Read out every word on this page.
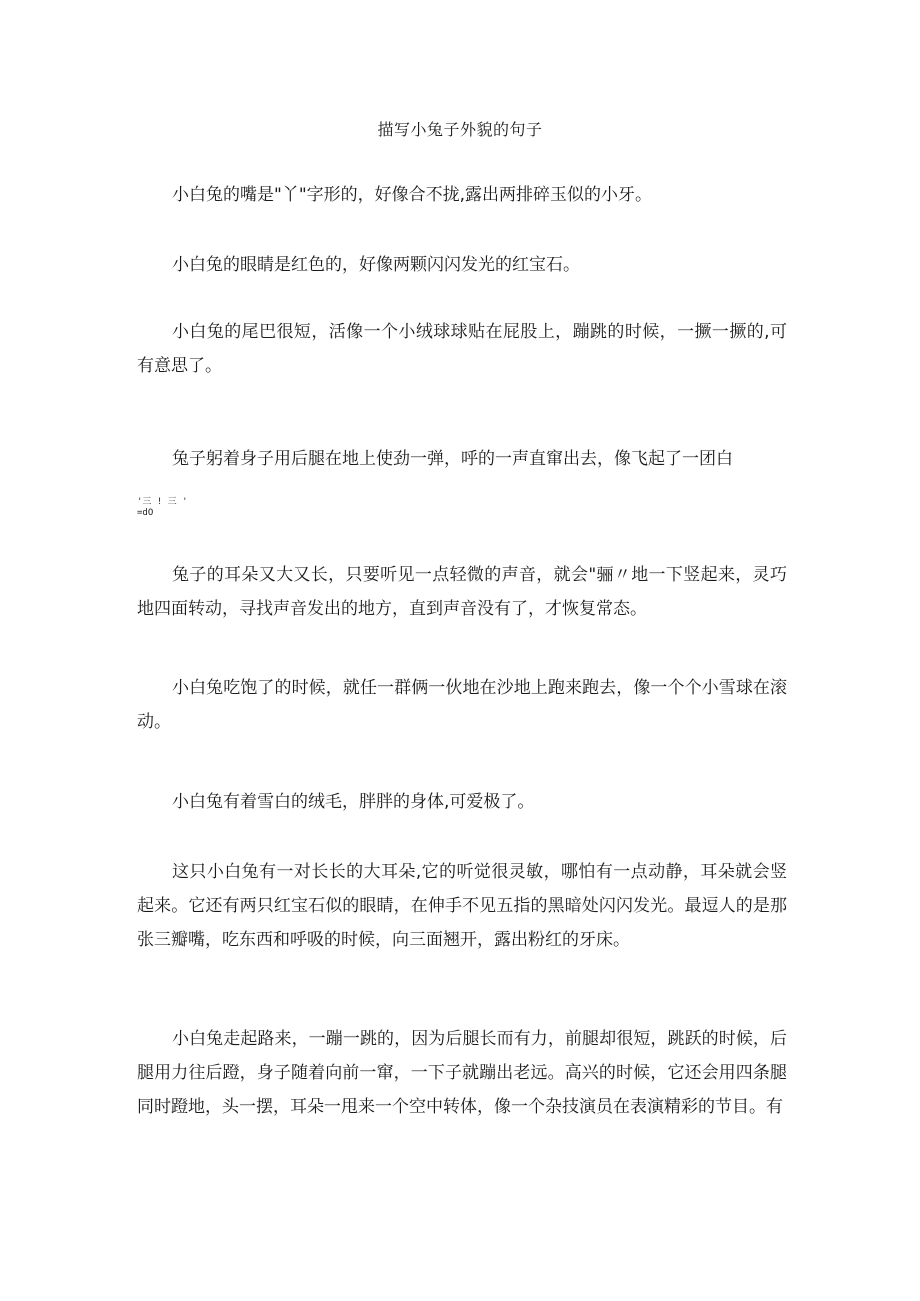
描写小兔子外貌的句子

小白兔的嘴是"丫"字形的，好像合不拢,露出两排碎玉似的小牙。

小白兔的眼睛是红色的，好像两颗闪闪发光的红宝石。

小白兔的尾巴很短，活像一个小绒球球贴在屁股上，蹦跳的时候，一撅一撅的,可有意思了。

兔子躬着身子用后腿在地上使劲一弹，呼的一声直窜出去，像飞起了一团白

'三 ! 三 '
=dO

兔子的耳朵又大又长，只要听见一点轻微的声音，就会"骊〃地一下竖起来，灵巧地四面转动，寻找声音发出的地方，直到声音没有了，才恢复常态。

小白兔吃饱了的时候，就任一群俩一伙地在沙地上跑来跑去，像一个个小雪球在滚动。

小白兔有着雪白的绒毛，胖胖的身体,可爱极了。

这只小白兔有一对长长的大耳朵,它的听觉很灵敏，哪怕有一点动静，耳朵就会竖起来。它还有两只红宝石似的眼睛，在伸手不见五指的黑暗处闪闪发光。最逗人的是那张三瓣嘴，吃东西和呼吸的时候，向三面翘开，露出粉红的牙床。

小白兔走起路来，一蹦一跳的，因为后腿长而有力，前腿却很短，跳跃的时候，后腿用力往后蹬，身子随着向前一窜，一下子就蹦出老远。高兴的时候，它还会用四条腿同时蹬地，头一摆，耳朵一甩来一个空中转体，像一个杂技演员在表演精彩的节目。有
